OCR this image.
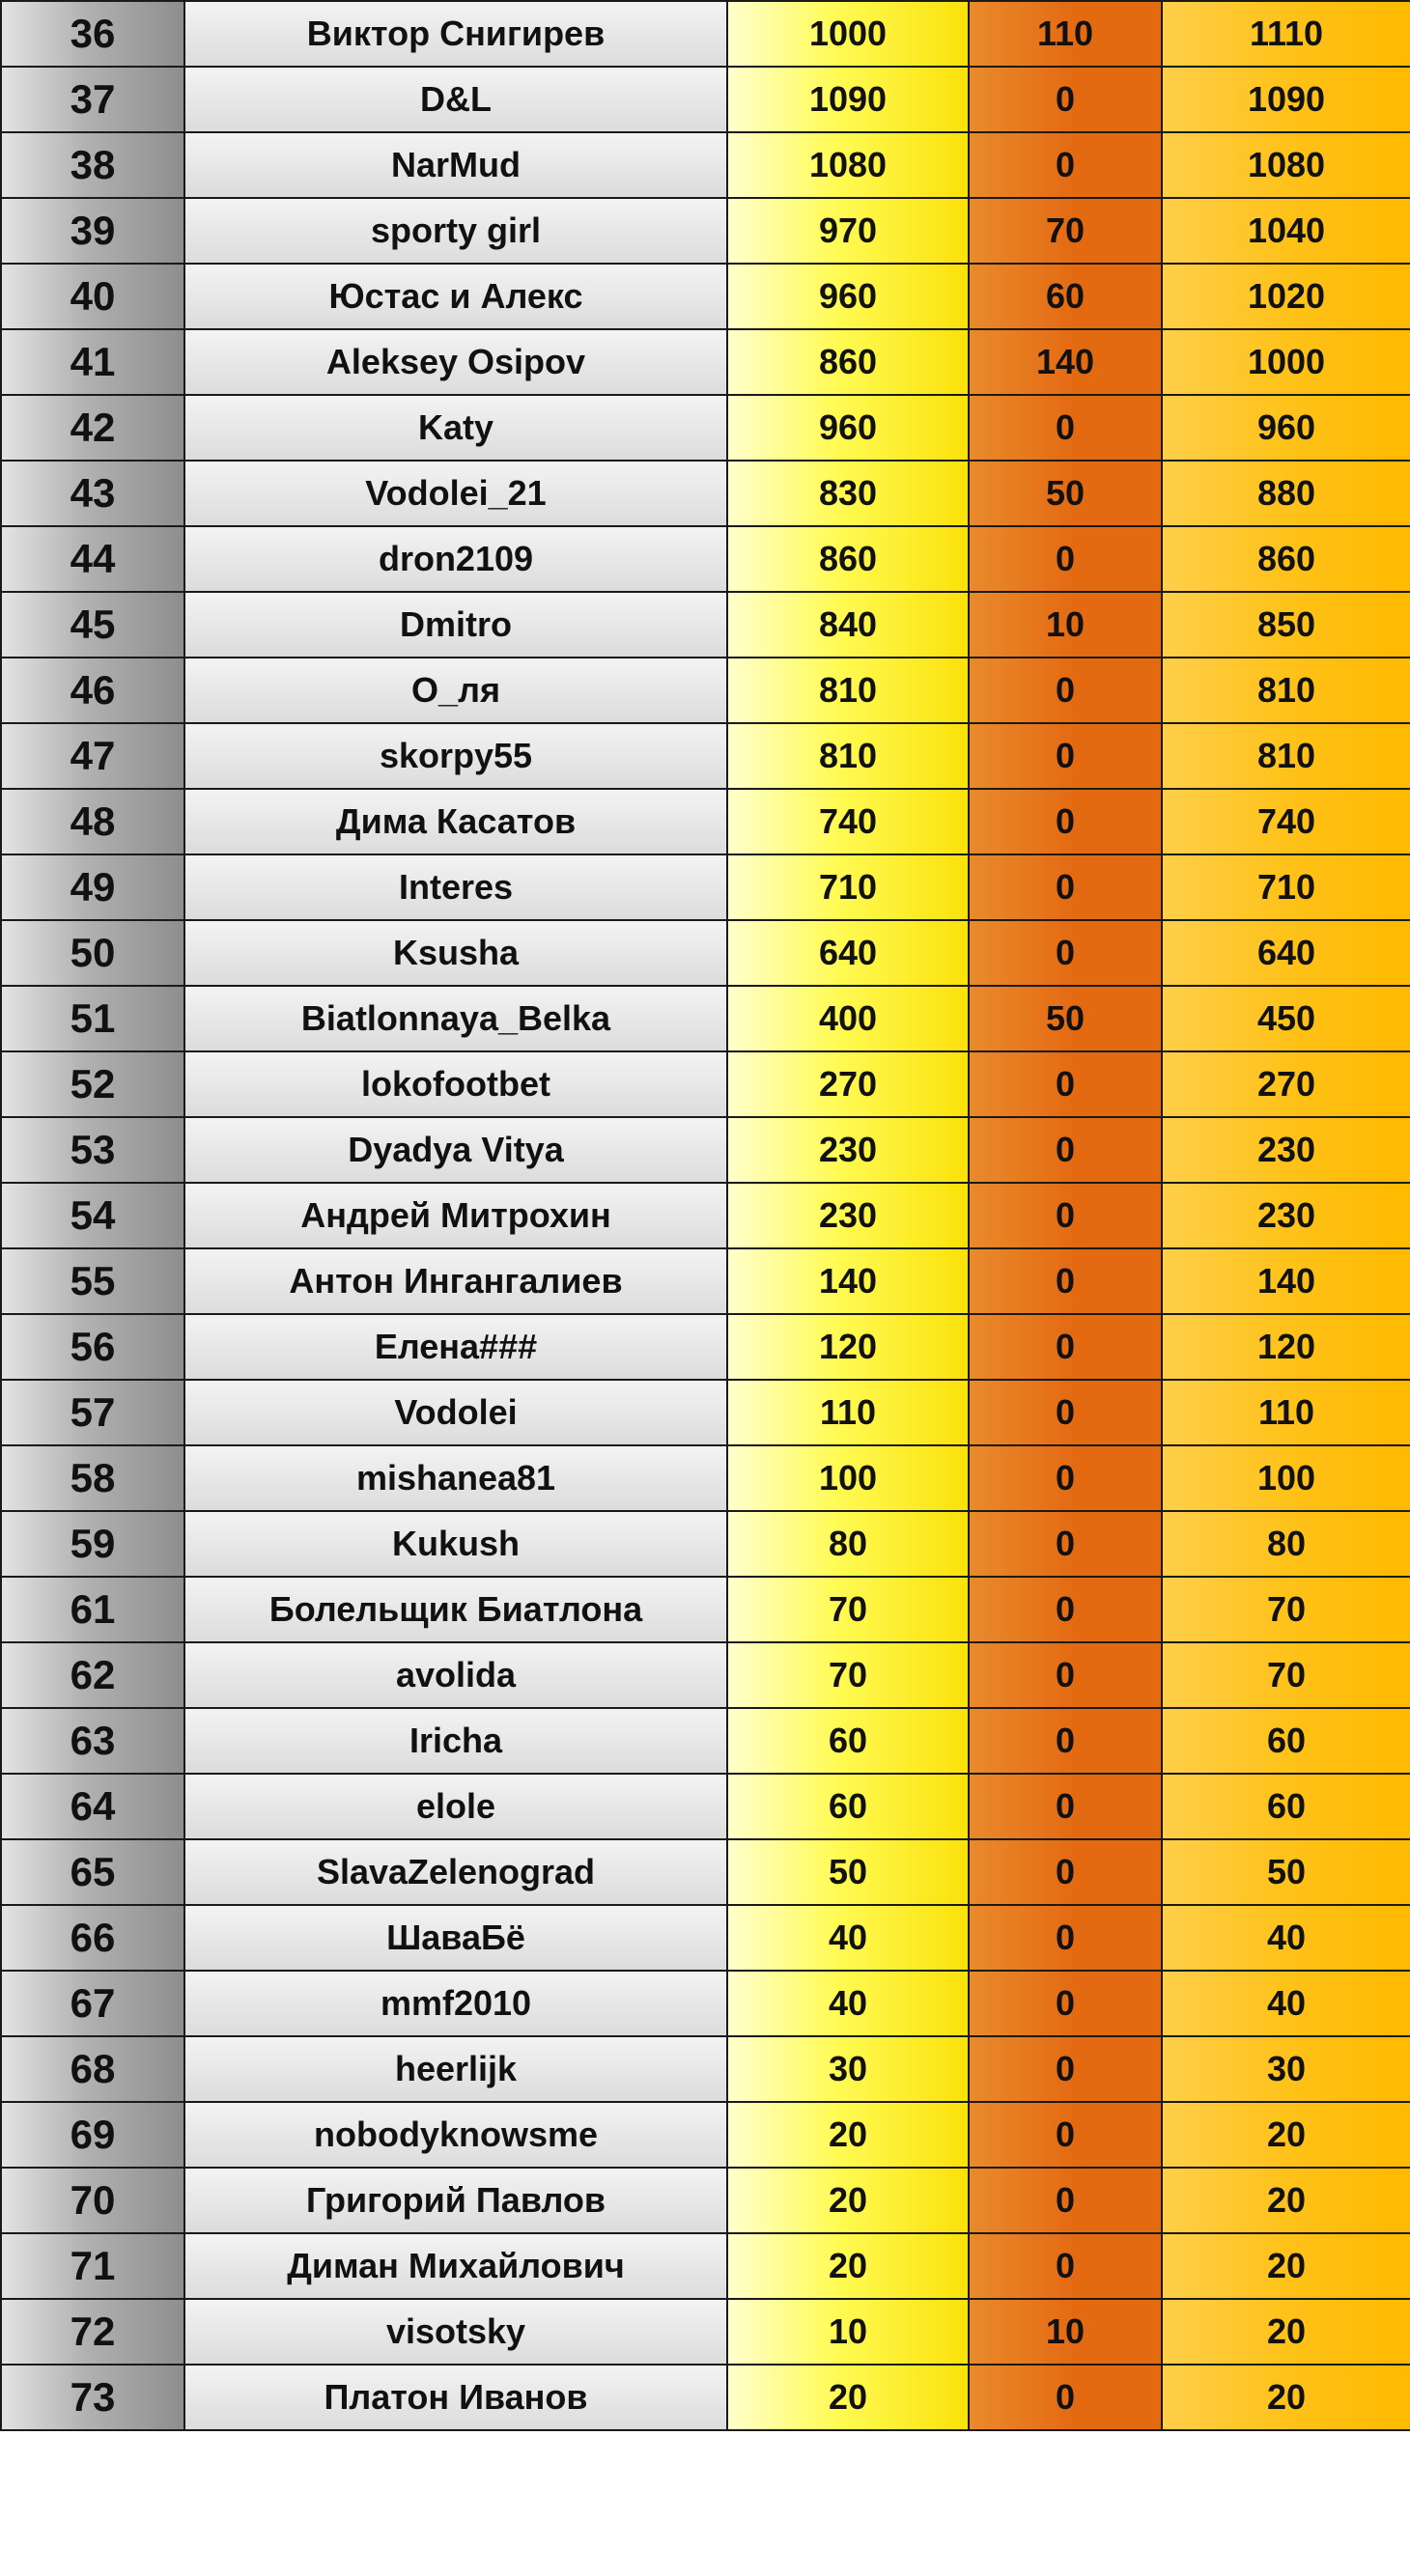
36	Виктор Снигирев	1000	110	1110
37	D&L	1090	0	1090
38	NarMud	1080	0	1080
39	sporty girl	970	70	1040
40	Юстас и Алекс	960	60	1020
41	Aleksey Osipov	860	140	1000
42	Katy	960	0	960
43	Vodolei_21	830	50	880
44	dron2109	860	0	860
45	Dmitro	840	10	850
46	О_ля	810	0	810
47	skorpy55	810	0	810
48	Дима Касатов	740	0	740
49	Interes	710	0	710
50	Ksusha	640	0	640
51	Biatlonnaya_Belka	400	50	450
52	lokofootbet	270	0	270
53	Dyadya Vitya	230	0	230
54	Андрей Митрохин	230	0	230
55	Антон Ингангалиев	140	0	140
56	Елена###	120	0	120
57	Vodolei	110	0	110
58	mishanea81	100	0	100
59	Kukush	80	0	80
61	Болельщик Биатлона	70	0	70
62	avolida	70	0	70
63	Iricha	60	0	60
64	elole	60	0	60
65	SlavaZelenograd	50	0	50
66	ШаваБё	40	0	40
67	mmf2010	40	0	40
68	heerlijk	30	0	30
69	nobodyknowsme	20	0	20
70	Григорий Павлов	20	0	20
71	Диман Михайлович	20	0	20
72	visotsky	10	10	20
73	Платон Иванов	20	0	20
